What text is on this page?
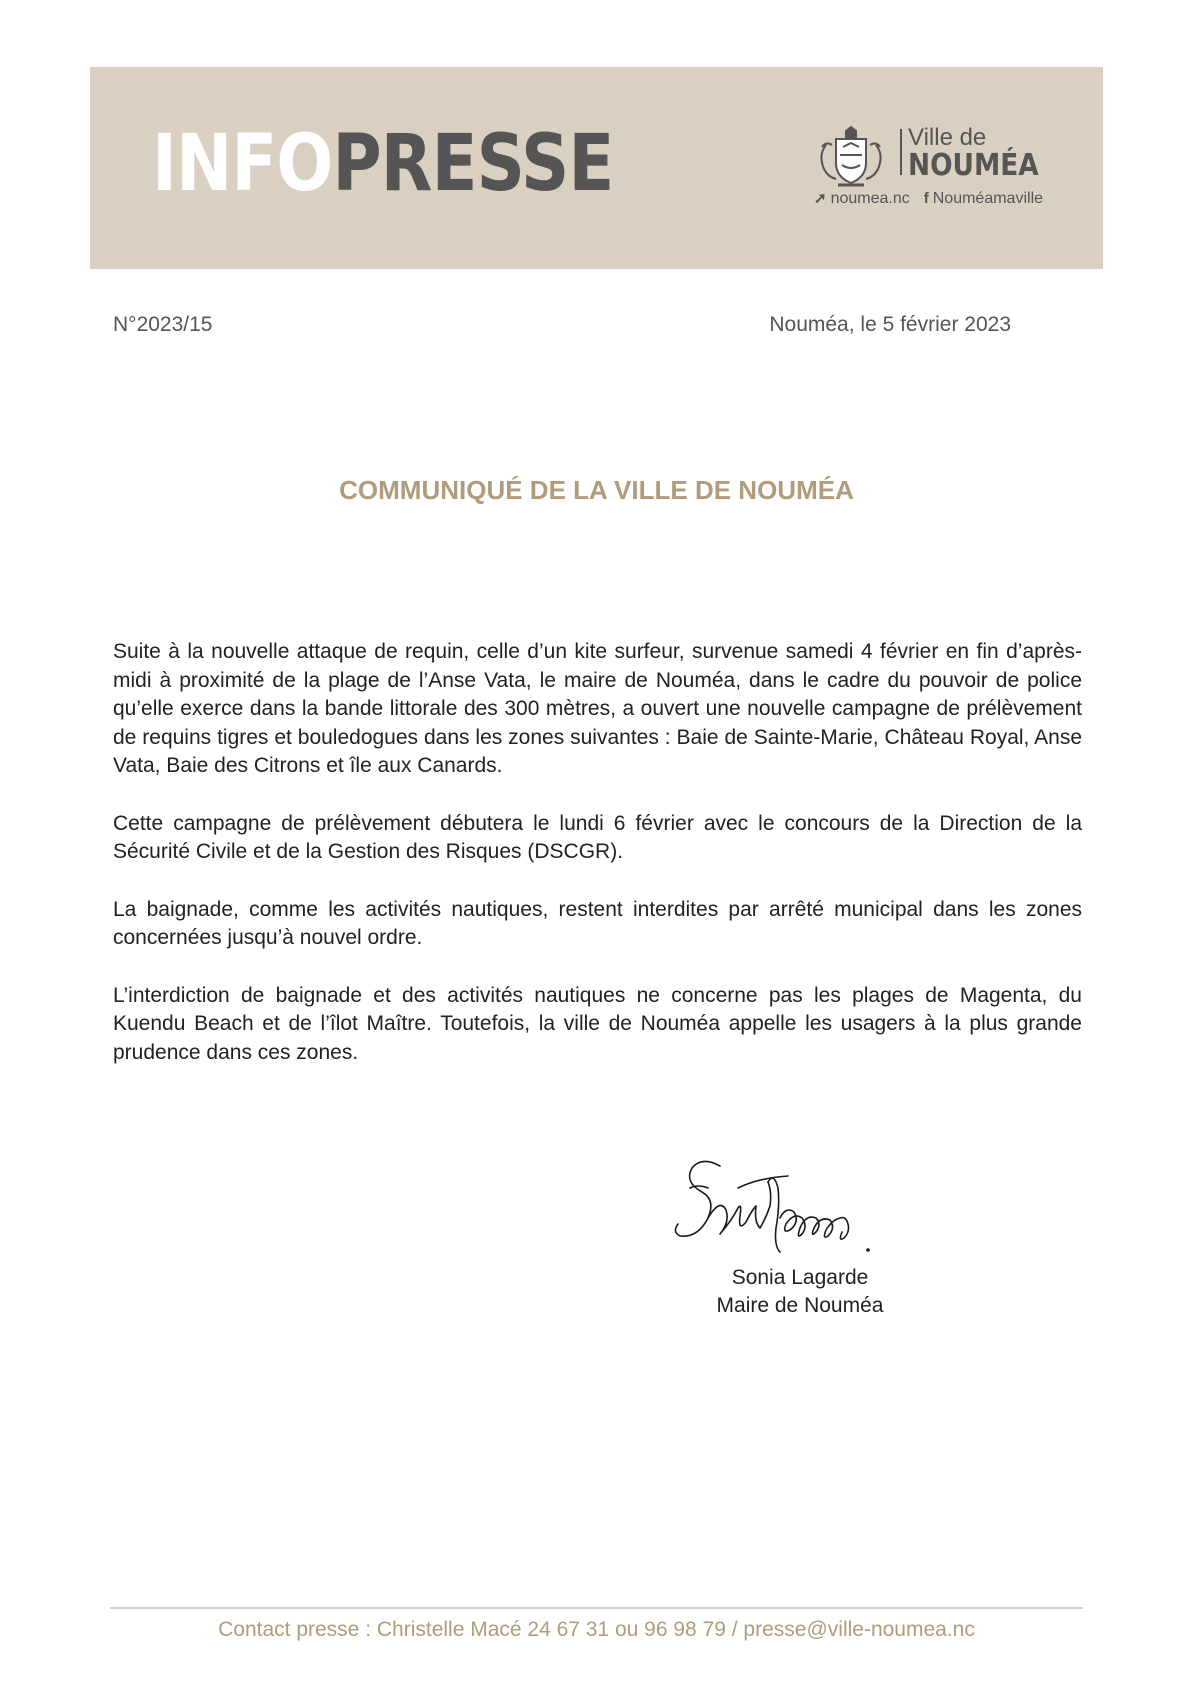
INFOPRESSE	Ville de
NOUMÉA
➚ noumea.nc f Nouméamaville
N°2023/15	Nouméa, le 5 février 2023
COMMUNIQUÉ DE LA VILLE DE NOUMÉA

Suite à la nouvelle attaque de requin, celle d’un kite surfeur, survenue samedi 4 février en fin d’après-midi à proximité de la plage de l’Anse Vata, le maire de Nouméa, dans le cadre du pouvoir de police qu’elle exerce dans la bande littorale des 300 mètres, a ouvert une nouvelle campagne de prélèvement de requins tigres et bouledogues dans les zones suivantes : Baie de Sainte-Marie, Château Royal, Anse Vata, Baie des Citrons et île aux Canards.

Cette campagne de prélèvement débutera le lundi 6 février avec le concours de la Direction de la Sécurité Civile et de la Gestion des Risques (DSCGR).

La baignade, comme les activités nautiques, restent interdites par arrêté municipal dans les zones concernées jusqu’à nouvel ordre.

L’interdiction de baignade et des activités nautiques ne concerne pas les plages de Magenta, du Kuendu Beach et de l’îlot Maître. Toutefois, la ville de Nouméa appelle les usagers à la plus grande prudence dans ces zones.

Sonia Lagarde
Maire de Nouméa
Contact presse : Christelle Macé 24 67 31 ou 96 98 79 / presse@ville-noumea.nc
